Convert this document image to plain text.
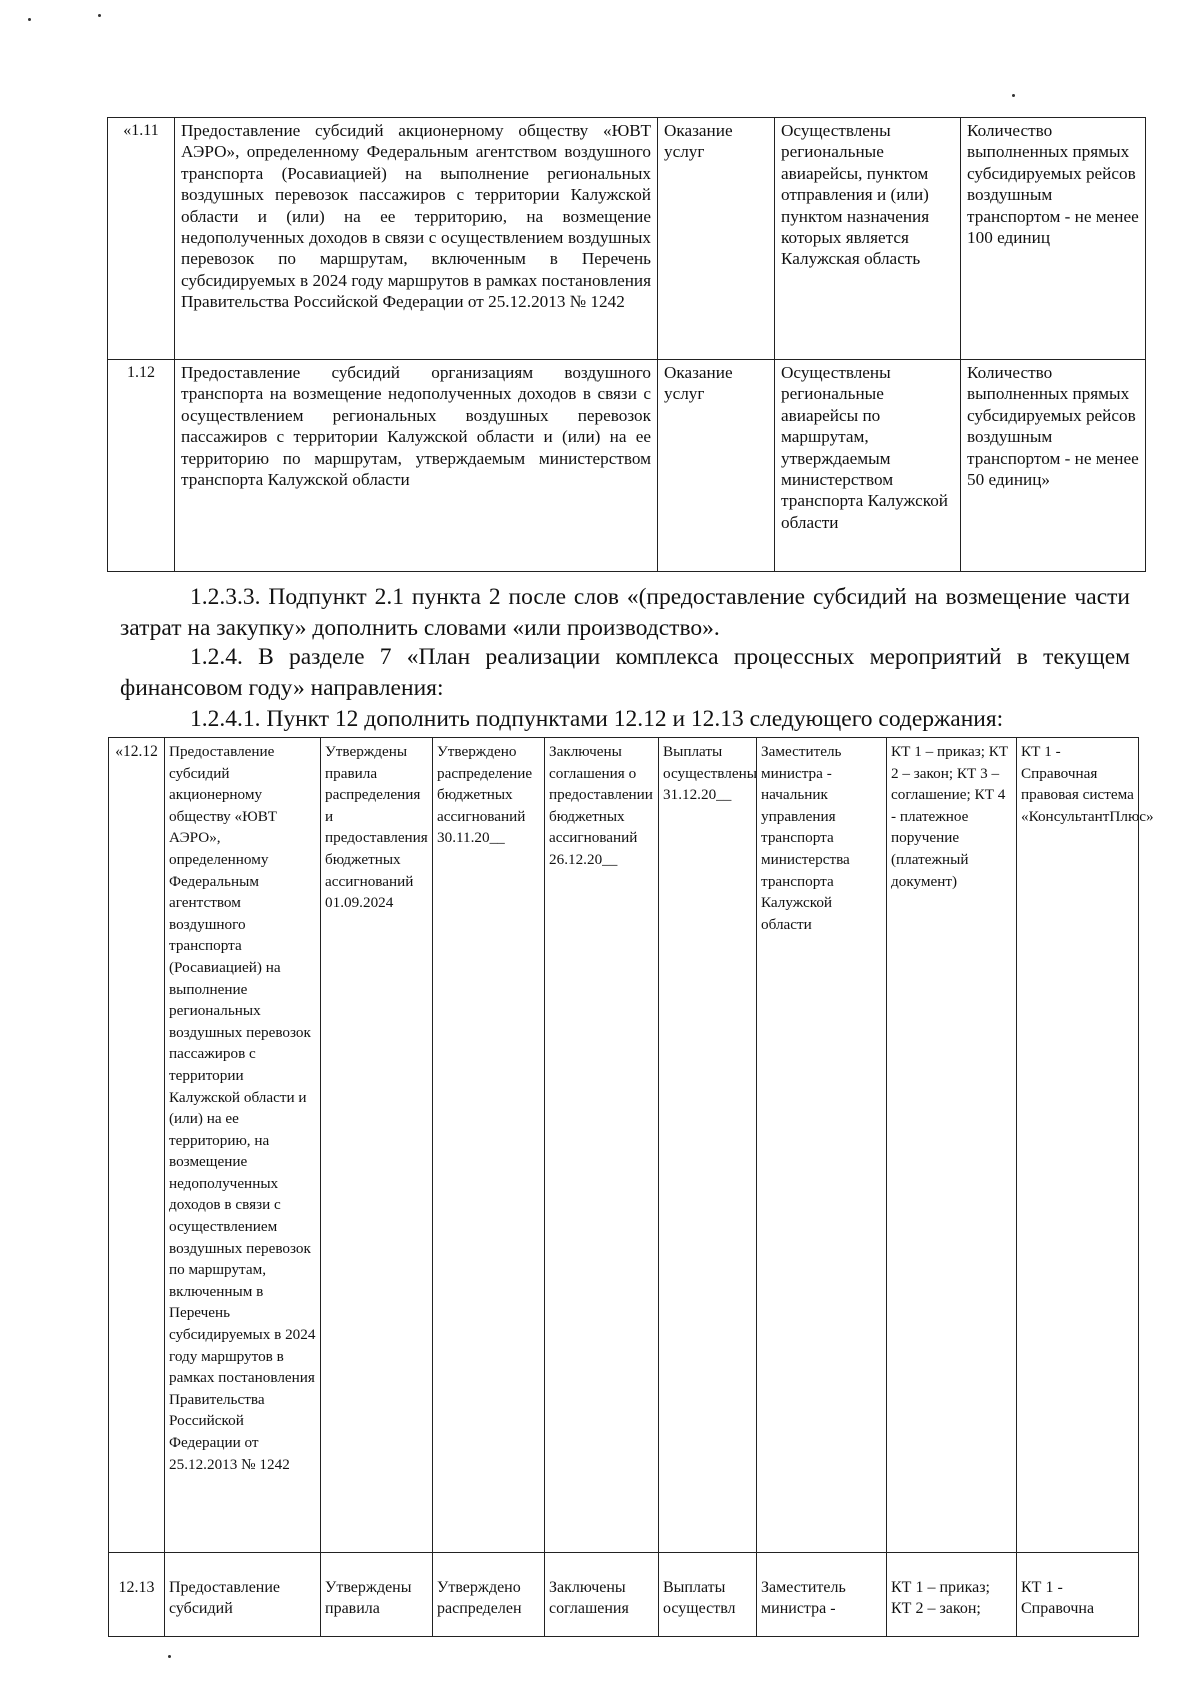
«1.11	Предоставление субсидий акционерному обществу «ЮВТ АЭРО», определенному Федеральным агентством воздушного транспорта (Росавиацией) на выполнение региональных воздушных перевозок пассажиров с территории Калужской области и (или) на ее территорию, на возмещение недополученных доходов в связи с осуществлением воздушных перевозок по маршрутам, включенным в Перечень субсидируемых в 2024 году маршрутов в рамках постановления Правительства Российской Федерации от 25.12.2013 № 1242	Оказание услуг	Осуществлены региональные авиарейсы, пунктом отправления и (или) пунктом назначения которых является Калужская область	Количество выполненных прямых субсидируемых рейсов воздушным транспортом - не менее 100 единиц
1.12	Предоставление субсидий организациям воздушного транспорта на возмещение недополученных доходов в связи с осуществлением региональных воздушных перевозок пассажиров с территории Калужской области и (или) на ее территорию по маршрутам, утверждаемым министерством транспорта Калужской области	Оказание услуг	Осуществлены региональные авиарейсы по маршрутам, утверждаемым министерством транспорта Калужской области	Количество выполненных прямых субсидируемых рейсов воздушным транспортом - не менее 50 единиц»

1.2.3.3. Подпункт 2.1 пункта 2 после слов «(предоставление субсидий на возмещение части затрат на закупку» дополнить словами «или производство».

1.2.4. В разделе 7 «План реализации комплекса процессных мероприятий в текущем финансовом году» направления:

1.2.4.1. Пункт 12 дополнить подпунктами 12.12 и 12.13 следующего содержания:

«12.12	Предоставление субсидий акционерному обществу «ЮВТ АЭРО», определенному Федеральным агентством воздушного транспорта (Росавиацией) на выполнение региональных воздушных перевозок пассажиров с территории Калужской области и (или) на ее территорию, на возмещение недополученных доходов в связи с осуществлением воздушных перевозок по маршрутам, включенным в Перечень субсидируемых в 2024 году маршрутов в рамках постановления Правительства Российской Федерации от 25.12.2013 № 1242	Утверждены правила распределения и предоставления бюджетных ассигнований 01.09.2024	Утверждено распределение бюджетных ассигнований 30.11.20__	Заключены соглашения о предоставлении бюджетных ассигнований 26.12.20__	Выплаты осуществлены 31.12.20__	Заместитель министра - начальник управления транспорта министерства транспорта Калужской области	КТ 1 – приказ; КТ 2 – закон; КТ 3 – соглашение; КТ 4 - платежное поручение (платежный документ)	КТ 1 - Справочная правовая система «КонсультантПлюс»
12.13	Предоставление субсидий	Утверждены правила	Утверждено распределен	Заключены соглашения	Выплаты осуществл	Заместитель министра -	КТ 1 – приказ; КТ 2 – закон;	КТ 1 - Справочна
